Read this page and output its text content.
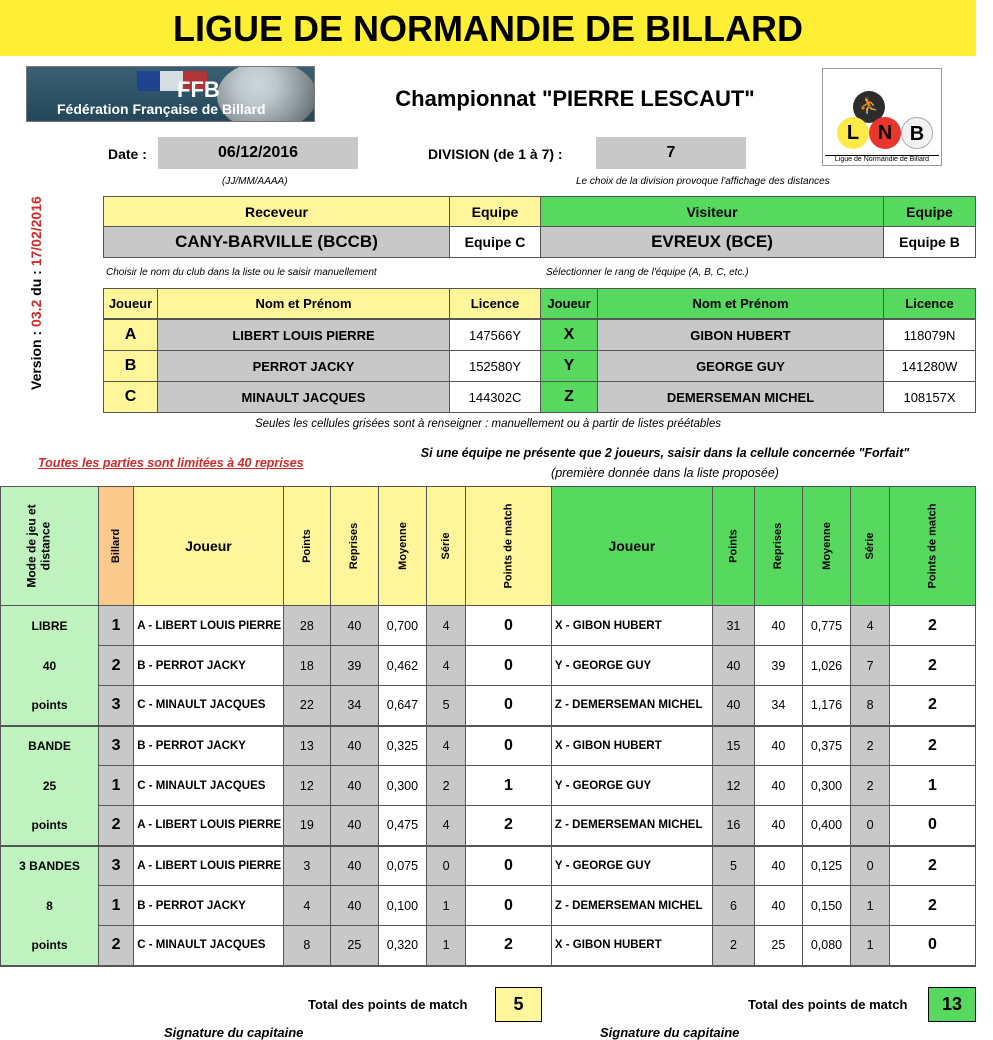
LIGUE DE NORMANDIE DE BILLARD
FFB
Fédération Française de Billard	Championnat "PIERRE LESCAUT"	⛹
L N B
Ligue de Normandie de Billard
Version : 03.2 du : 17/02/2016
Date :	06/12/2016
(JJ/MM/AAAA)
DIVISION (de 1 à 7) :	7
Le choix de la division provoque l'affichage des distances
Receveur	Equipe	Visiteur	Equipe
CANY-BARVILLE (BCCB)	Equipe C	EVREUX (BCE)	Equipe B
Choisir le nom du club dans la liste ou le saisir manuellement	Sélectionner le rang de l'équipe (A, B, C, etc.)
Joueur	Nom et Prénom	Licence	Joueur	Nom et Prénom	Licence
A	LIBERT LOUIS PIERRE	147566Y	X	GIBON HUBERT	118079N
B	PERROT JACKY	152580Y	Y	GEORGE GUY	141280W
C	MINAULT JACQUES	144302C	Z	DEMERSEMAN MICHEL	108157X
Seules les cellules grisées sont à renseigner : manuellement ou à partir de listes préétables
Toutes les parties sont limitées à 40 reprises
Si une équipe ne présente que 2 joueurs, saisir dans la cellule concernée "Forfait"
(première donnée dans la liste proposée)
Mode de jeu et distance	Billard	Joueur	Points	Reprises	Moyenne	Série	Points de match	Joueur	Points	Reprises	Moyenne	Série	Points de match

LIBRE	1	A - LIBERT LOUIS PIERRE	28	40	0,700	4	0	X - GIBON HUBERT	31	40	0,775	4	2
40	2	B - PERROT JACKY	18	39	0,462	4	0	Y - GEORGE GUY	40	39	1,026	7	2
points	3	C - MINAULT JACQUES	22	34	0,647	5	0	Z - DEMERSEMAN MICHEL	40	34	1,176	8	2
BANDE	3	B - PERROT JACKY	13	40	0,325	4	0	X - GIBON HUBERT	15	40	0,375	2	2
25	1	C - MINAULT JACQUES	12	40	0,300	2	1	Y - GEORGE GUY	12	40	0,300	2	1
points	2	A - LIBERT LOUIS PIERRE	19	40	0,475	4	2	Z - DEMERSEMAN MICHEL	16	40	0,400	0	0
3 BANDES	3	A - LIBERT LOUIS PIERRE	3	40	0,075	0	0	Y - GEORGE GUY	5	40	0,125	0	2
8	1	B - PERROT JACKY	4	40	0,100	1	0	Z - DEMERSEMAN MICHEL	6	40	0,150	1	2
points	2	C - MINAULT JACQUES	8	25	0,320	1	2	X - GIBON HUBERT	2	25	0,080	1	0
Total des points de match	5	Total des points de match	13
Signature du capitaine	Signature du capitaine
